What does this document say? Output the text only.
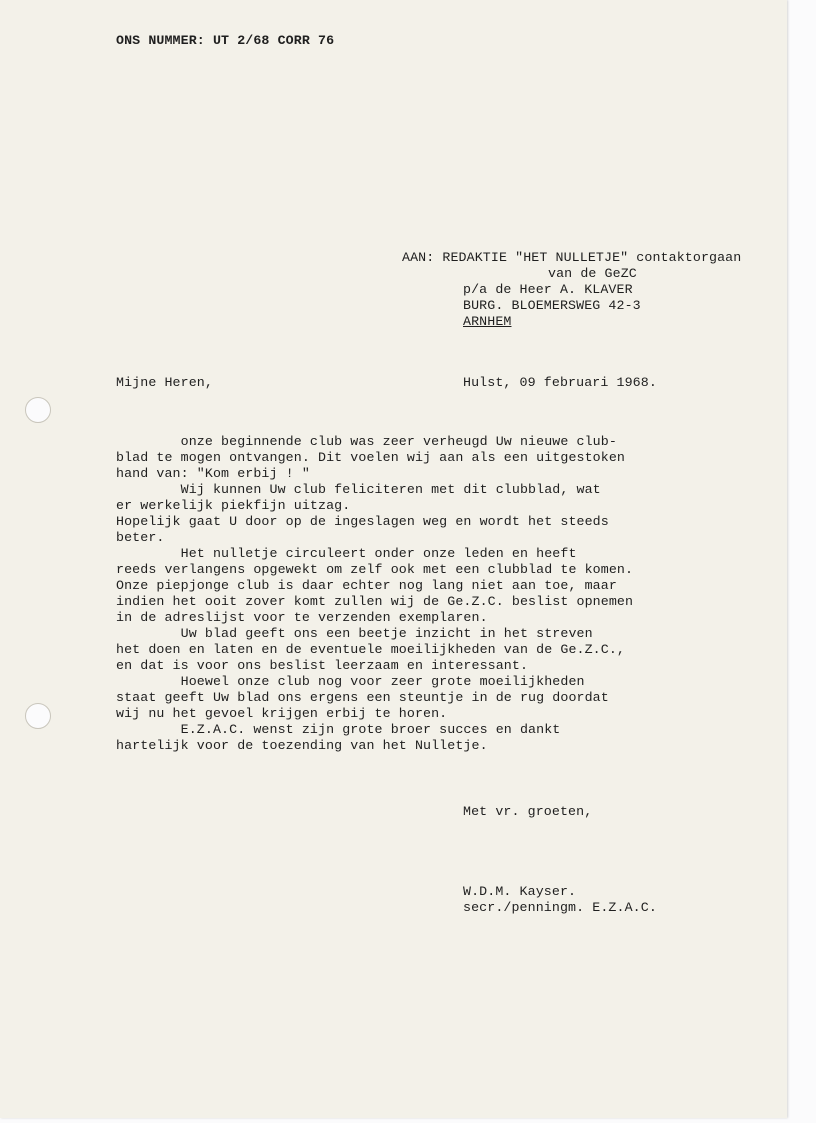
ONS NUMMER: UT 2/68 CORR 76
AAN: REDAKTIE "HET NULLETJE" contaktorgaan
van de GeZC
p/a de Heer A. KLAVER
BURG. BLOEMERSWEG 42-3
ARNHEM
Mijne Heren,	Hulst, 09 februari 1968.
onze beginnende club was zeer verheugd Uw nieuwe club-
blad te mogen ontvangen. Dit voelen wij aan als een uitgestoken
hand van: "Kom erbij ! "
Wij kunnen Uw club feliciteren met dit clubblad, wat
er werkelijk piekfijn uitzag.
Hopelijk gaat U door op de ingeslagen weg en wordt het steeds
beter.
Het nulletje circuleert onder onze leden en heeft
reeds verlangens opgewekt om zelf ook met een clubblad te komen.
Onze piepjonge club is daar echter nog lang niet aan toe, maar
indien het ooit zover komt zullen wij de Ge.Z.C. beslist opnemen
in de adreslijst voor te verzenden exemplaren.
Uw blad geeft ons een beetje inzicht in het streven
het doen en laten en de eventuele moeilijkheden van de Ge.Z.C.,
en dat is voor ons beslist leerzaam en interessant.
Hoewel onze club nog voor zeer grote moeilijkheden
staat geeft Uw blad ons ergens een steuntje in de rug doordat
wij nu het gevoel krijgen erbij te horen.
E.Z.A.C. wenst zijn grote broer succes en dankt
hartelijk voor de toezending van het Nulletje.
Met vr. groeten,
W.D.M. Kayser.
secr./penningm. E.Z.A.C.
